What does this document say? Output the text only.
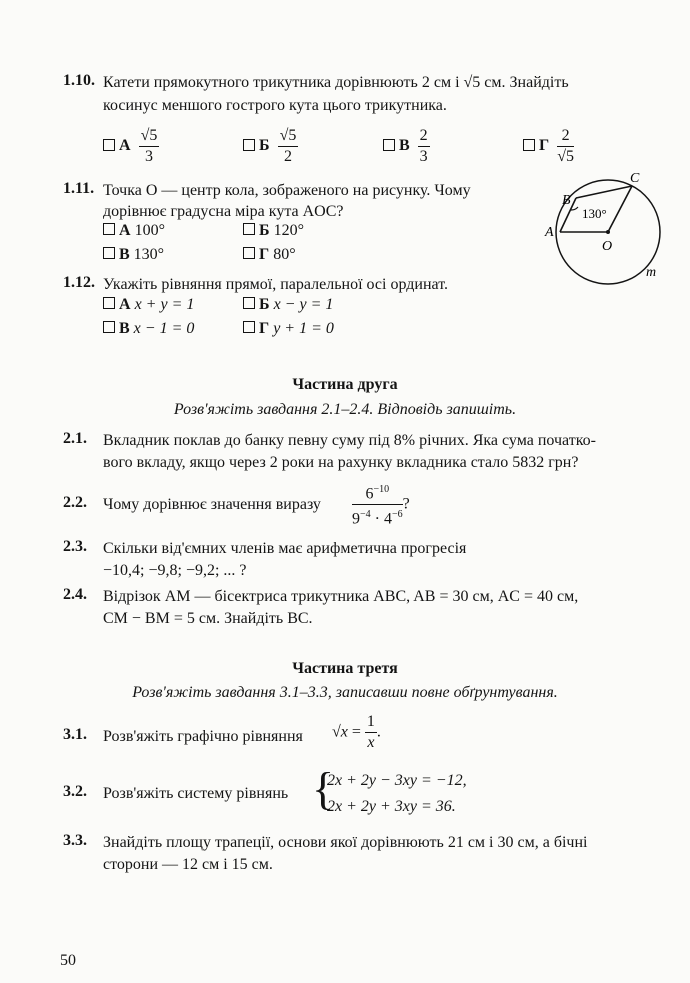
1.10. Катети прямокутного трикутника дорівнюють 2 см і √5 см. Знайдіть
косинус меншого гострого кута цього трикутника.
А $\frac{√5}{3}$	Б $\frac{√5}{2}$	В $\frac{2}{3}$	Г $\frac{2}{√5}$
1.11. Точка O — центр кола, зображеного на рисунку. Чому
дорівнює градусна міра кута AOC?
А 100°	Б 120°
В 130°	Г 80°
B
C
A
O
m
130°
1.12. Укажіть рівняння прямої, паралельної осі ординат.
А x + y = 1	Б x − y = 1
В x − 1 = 0	Г y + 1 = 0
Частина друга
Розв'яжіть завдання 2.1–2.4. Відповідь запишіть.
2.1. Вкладник поклав до банку певну суму під 8% річних. Яка сума початко-
вого вкладу, якщо через 2 роки на рахунку вкладника стало 5832 грн?
2.2. Чому дорівнює значення виразу $\frac{6^{-10}}{9^{-4} \cdot 4^{-6}}$ ?
2.3. Скільки від'ємних членів має арифметична прогресія
−10,4; −9,8; −9,2; ... ?
2.4. Відрізок AM — бісектриса трикутника ABC, AB = 30 см, AC = 40 см,
CM − BM = 5 см. Знайдіть BC.
Частина третя
Розв'яжіть завдання 3.1–3.3, записавши повне обґрунтування.
3.1. Розв'яжіть графічно рівняння $√x = \frac{1}{x}$ .
3.2. Розв'яжіть систему рівнянь {
2x + 2y − 3xy = −12,
2x + 2y + 3xy = 36.
3.3. Знайдіть площу трапеції, основи якої дорівнюють 21 см і 30 см, а бічні
сторони — 12 см і 15 см.
50
